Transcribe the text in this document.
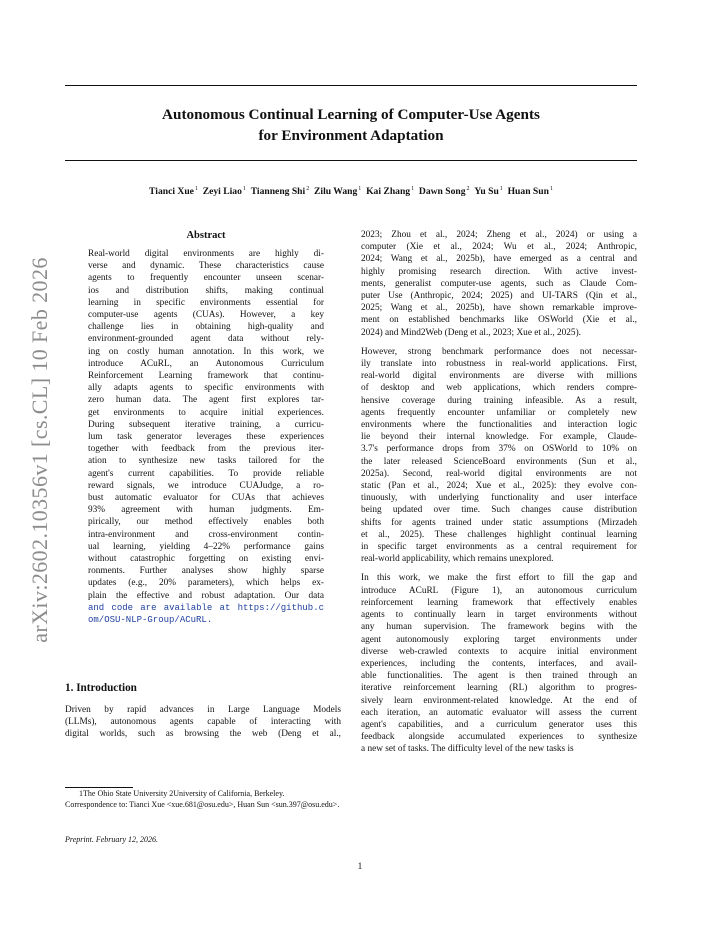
Autonomous Continual Learning of Computer-Use Agents
for Environment Adaptation
Tianci Xue$^1$  Zeyi Liao$^1$  Tianneng Shi$^2$  Zilu Wang$^1$  Kai Zhang$^1$  Dawn Song$^2$  Yu Su$^1$  Huan Sun$^1$
arXiv:2602.10356v1 [cs.CL] 10 Feb 2026
Abstract
Real-world digital environments are highly di-
verse and dynamic. These characteristics cause
agents to frequently encounter unseen scenar-
ios and distribution shifts, making continual
learning in specific environments essential for
computer-use agents (CUAs). However, a key
challenge lies in obtaining high-quality and
environment-grounded agent data without rely-
ing on costly human annotation. In this work, we
introduce ACuRL, an Autonomous Curriculum
Reinforcement Learning framework that continu-
ally adapts agents to specific environments with
zero human data. The agent first explores tar-
get environments to acquire initial experiences.
During subsequent iterative training, a curricu-
lum task generator leverages these experiences
together with feedback from the previous iter-
ation to synthesize new tasks tailored for the
agent's current capabilities. To provide reliable
reward signals, we introduce CUAJudge, a ro-
bust automatic evaluator for CUAs that achieves
93% agreement with human judgments. Em-
pirically, our method effectively enables both
intra-environment and cross-environment contin-
ual learning, yielding 4–22% performance gains
without catastrophic forgetting on existing envi-
ronments. Further analyses show highly sparse
updates (e.g., 20% parameters), which helps ex-
plain the effective and robust adaptation. Our data
and code are available at https://github.c
om/OSU-NLP-Group/ACuRL.
1. Introduction
Driven by rapid advances in Large Language Models
(LLMs), autonomous agents capable of interacting with
digital worlds, such as browsing the web (Deng et al.,
1The Ohio State University 2University of California, Berkeley.
Correspondence to: Tianci Xue <xue.681@osu.edu>, Huan Sun <sun.397@osu.edu>.
Preprint. February 12, 2026.
2023; Zhou et al., 2024; Zheng et al., 2024) or using a
computer (Xie et al., 2024; Wu et al., 2024; Anthropic,
2024; Wang et al., 2025b), have emerged as a central and
highly promising research direction. With active invest-
ments, generalist computer-use agents, such as Claude Com-
puter Use (Anthropic, 2024; 2025) and UI-TARS (Qin et al.,
2025; Wang et al., 2025b), have shown remarkable improve-
ment on established benchmarks like OSWorld (Xie et al.,
2024) and Mind2Web (Deng et al., 2023; Xue et al., 2025).
However, strong benchmark performance does not necessar-
ily translate into robustness in real-world applications. First,
real-world digital environments are diverse with millions
of desktop and web applications, which renders compre-
hensive coverage during training infeasible. As a result,
agents frequently encounter unfamiliar or completely new
environments where the functionalities and interaction logic
lie beyond their internal knowledge. For example, Claude-
3.7's performance drops from 37% on OSWorld to 10% on
the later released ScienceBoard environments (Sun et al.,
2025a). Second, real-world digital environments are not
static (Pan et al., 2024; Xue et al., 2025): they evolve con-
tinuously, with underlying functionality and user interface
being updated over time. Such changes cause distribution
shifts for agents trained under static assumptions (Mirzadeh
et al., 2025). These challenges highlight continual learning
in specific target environments as a central requirement for
real-world applicability, which remains unexplored.
In this work, we make the first effort to fill the gap and
introduce ACuRL (Figure 1), an autonomous curriculum
reinforcement learning framework that effectively enables
agents to continually learn in target environments without
any human supervision. The framework begins with the
agent autonomously exploring target environments under
diverse web-crawled contexts to acquire initial environment
experiences, including the contents, interfaces, and avail-
able functionalities. The agent is then trained through an
iterative reinforcement learning (RL) algorithm to progres-
sively learn environment-related knowledge. At the end of
each iteration, an automatic evaluator will assess the current
agent's capabilities, and a curriculum generator uses this
feedback alongside accumulated experiences to synthesize
a new set of tasks. The difficulty level of the new tasks is
1
